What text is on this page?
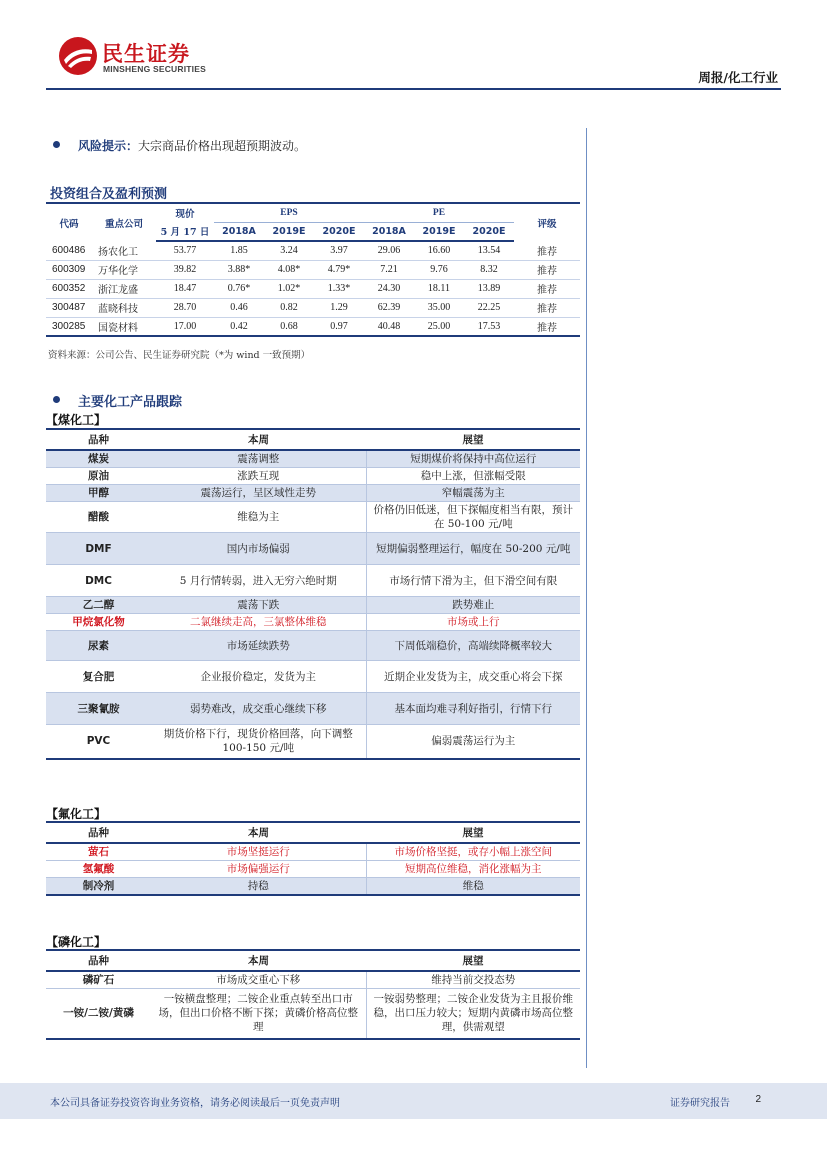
民生证券
MINSHENG SECURITIES
周报/化工行业
风险提示：大宗商品价格出现超预期波动。
投资组合及盈利预测
代码	重点公司	现价	EPS			PE			评级
		5 月 17 日	2018A	2019E	2020E	2018A	2019E	2020E	
600486	扬农化工	53.77	1.85	3.24	3.97	29.06	16.60	13.54	推荐
600309	万华化学	39.82	3.88*	4.08*	4.79*	7.21	9.76	8.32	推荐
600352	浙江龙盛	18.47	0.76*	1.02*	1.33*	24.30	18.11	13.89	推荐
300487	蓝晓科技	28.70	0.46	0.82	1.29	62.39	35.00	22.25	推荐
300285	国瓷材料	17.00	0.42	0.68	0.97	40.48	25.00	17.53	推荐
资料来源：公司公告、民生证券研究院（*为 wind 一致预期）
主要化工产品跟踪
【煤化工】
品种	本周	展望
煤炭	震荡调整	短期煤价将保持中高位运行
原油	涨跌互现	稳中上涨，但涨幅受限
甲醇	震荡运行，呈区域性走势	窄幅震荡为主
醋酸	维稳为主	价格仍旧低迷，但下探幅度相当有限，预计在 50-100 元/吨
DMF	国内市场偏弱	短期偏弱整理运行，幅度在 50-200 元/吨
DMC	5 月行情转弱，进入无穷六绝时期	市场行情下滑为主，但下滑空间有限
乙二醇	震荡下跌	跌势难止
甲烷氯化物	二氯继续走高，三氯整体维稳	市场或上行
尿素	市场延续跌势	下周低端稳价，高端续降概率较大
复合肥	企业报价稳定，发货为主	近期企业发货为主，成交重心将会下探
三聚氰胺	弱势难改，成交重心继续下移	基本面均难寻利好指引，行情下行
PVC	期货价格下行，现货价格回落，向下调整 100-150 元/吨	偏弱震荡运行为主
【氟化工】
品种	本周	展望
萤石	市场坚挺运行	市场价格坚挺，或存小幅上涨空间
氢氟酸	市场偏强运行	短期高位维稳，消化涨幅为主
制冷剂	持稳	维稳
【磷化工】
品种	本周	展望
磷矿石	市场成交重心下移	维持当前交投态势
一铵/二铵/黄磷	一铵横盘整理；二铵企业重点转至出口市场，但出口价格不断下探；黄磷价格高位整理	一铵弱势整理；二铵企业发货为主且报价维稳，出口压力较大；短期内黄磷市场高位整理，供需观望
本公司具备证券投资咨询业务资格，请务必阅读最后一页免责声明	证券研究报告	2
